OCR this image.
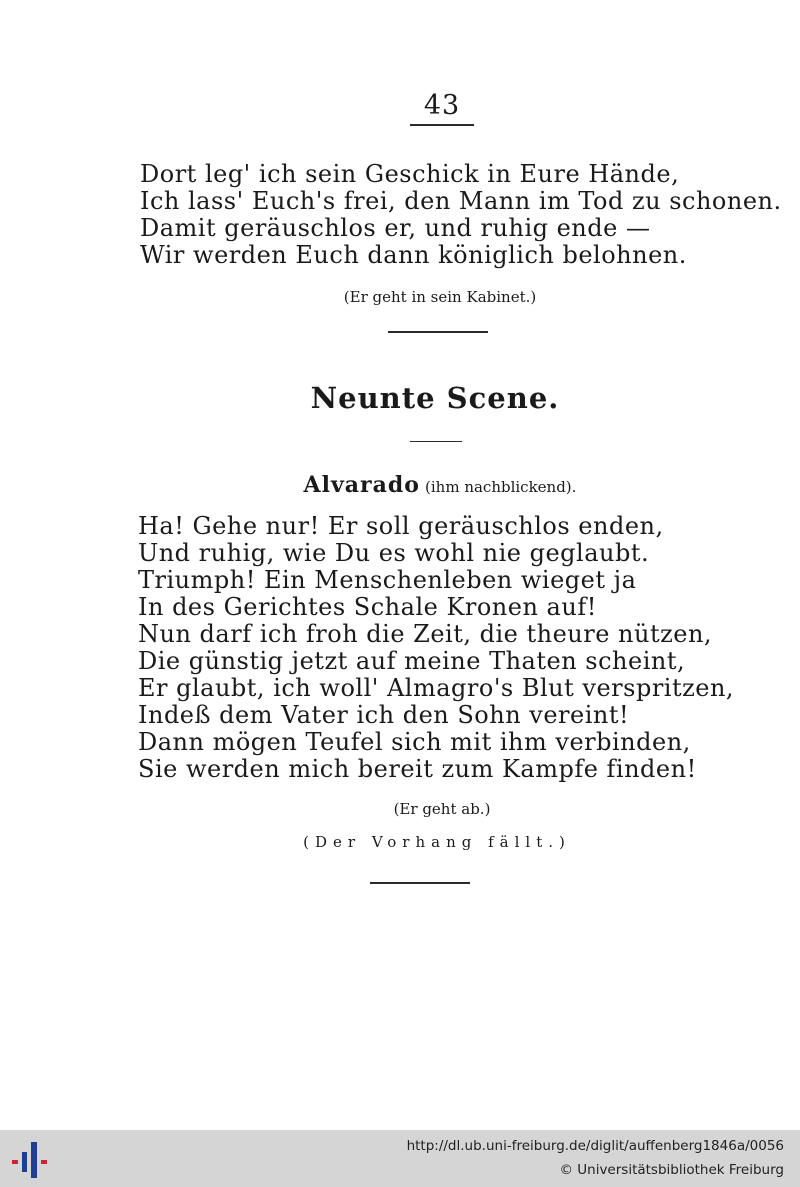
43
Dort leg' ich sein Geschick in Eure Hände,
Ich lass' Euch's frei, den Mann im Tod zu schonen.
Damit geräuschlos er, und ruhig ende —
Wir werden Euch dann königlich belohnen.
(Er geht in sein Kabinet.)
Neunte Scene.
Alvarado (ihm nachblickend).
Ha! Gehe nur! Er soll geräuschlos enden,
Und ruhig, wie Du es wohl nie geglaubt.
Triumph! Ein Menschenleben wieget ja
In des Gerichtes Schale Kronen auf!
Nun darf ich froh die Zeit, die theure nützen,
Die günstig jetzt auf meine Thaten scheint,
Er glaubt, ich woll' Almagro's Blut verspritzen,
Indeß dem Vater ich den Sohn vereint!
Dann mögen Teufel sich mit ihm verbinden,
Sie werden mich bereit zum Kampfe finden!
(Er geht ab.)
(Der Vorhang fällt.)
http://dl.ub.uni-freiburg.de/diglit/auffenberg1846a/0056
© Universitätsbibliothek Freiburg
